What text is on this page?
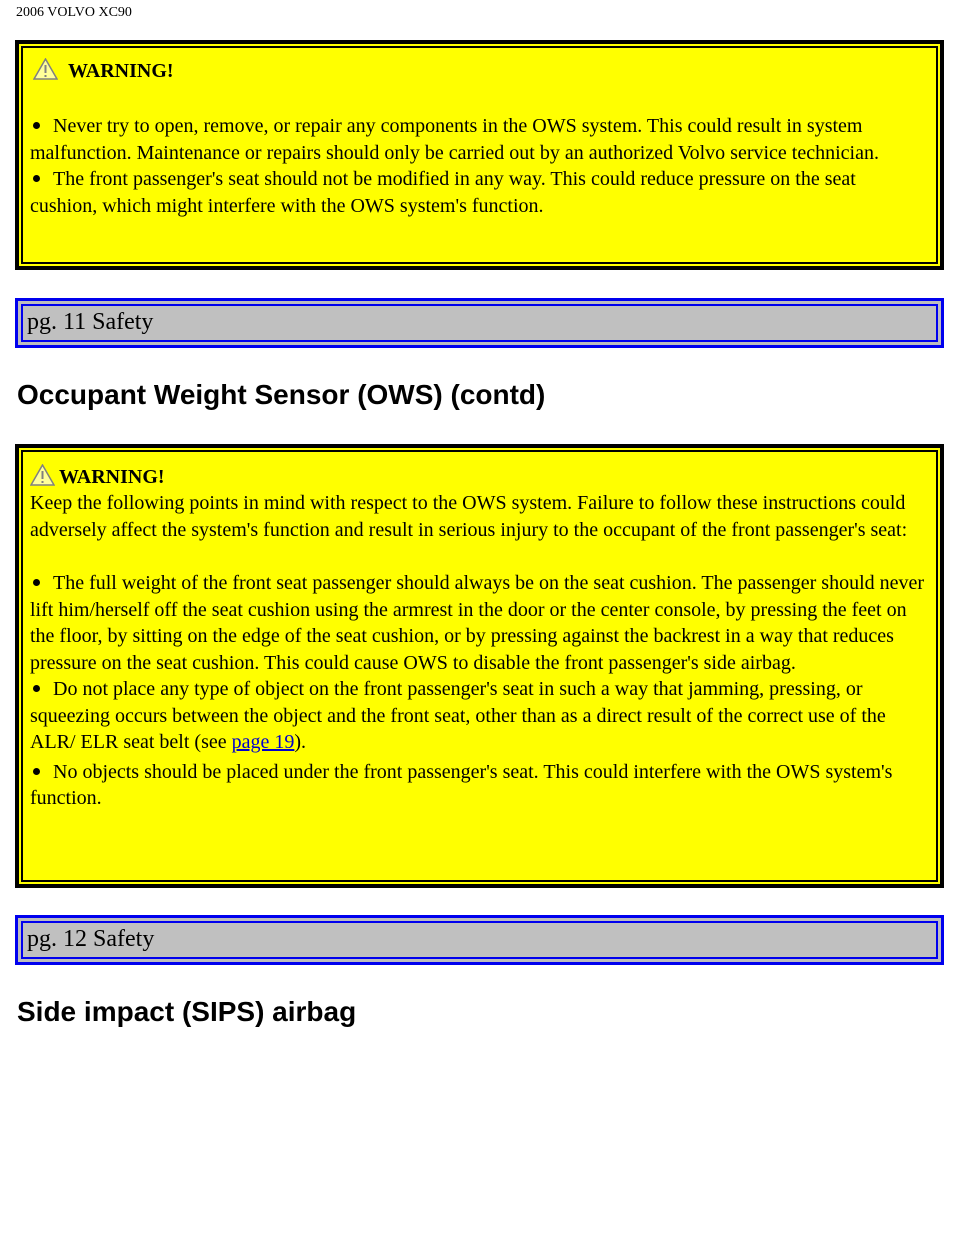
2006 VOLVO XC90
WARNING!
Never try to open, remove, or repair any components in the OWS system. This could result in system malfunction. Maintenance or repairs should only be carried out by an authorized Volvo service technician.
The front passenger's seat should not be modified in any way. This could reduce pressure on the seat cushion, which might interfere with the OWS system's function.
pg. 11 Safety
Occupant Weight Sensor (OWS) (contd)
WARNING!
Keep the following points in mind with respect to the OWS system. Failure to follow these instructions could adversely affect the system's function and result in serious injury to the occupant of the front passenger's seat:
The full weight of the front seat passenger should always be on the seat cushion. The passenger should never lift him/herself off the seat cushion using the armrest in the door or the center console, by pressing the feet on the floor, by sitting on the edge of the seat cushion, or by pressing against the backrest in a way that reduces pressure on the seat cushion. This could cause OWS to disable the front passenger's side airbag.
Do not place any type of object on the front passenger's seat in such a way that jamming, pressing, or squeezing occurs between the object and the front seat, other than as a direct result of the correct use of the ALR/ ELR seat belt (see page 19).
No objects should be placed under the front passenger's seat. This could interfere with the OWS system's function.
pg. 12 Safety
Side impact (SIPS) airbag
